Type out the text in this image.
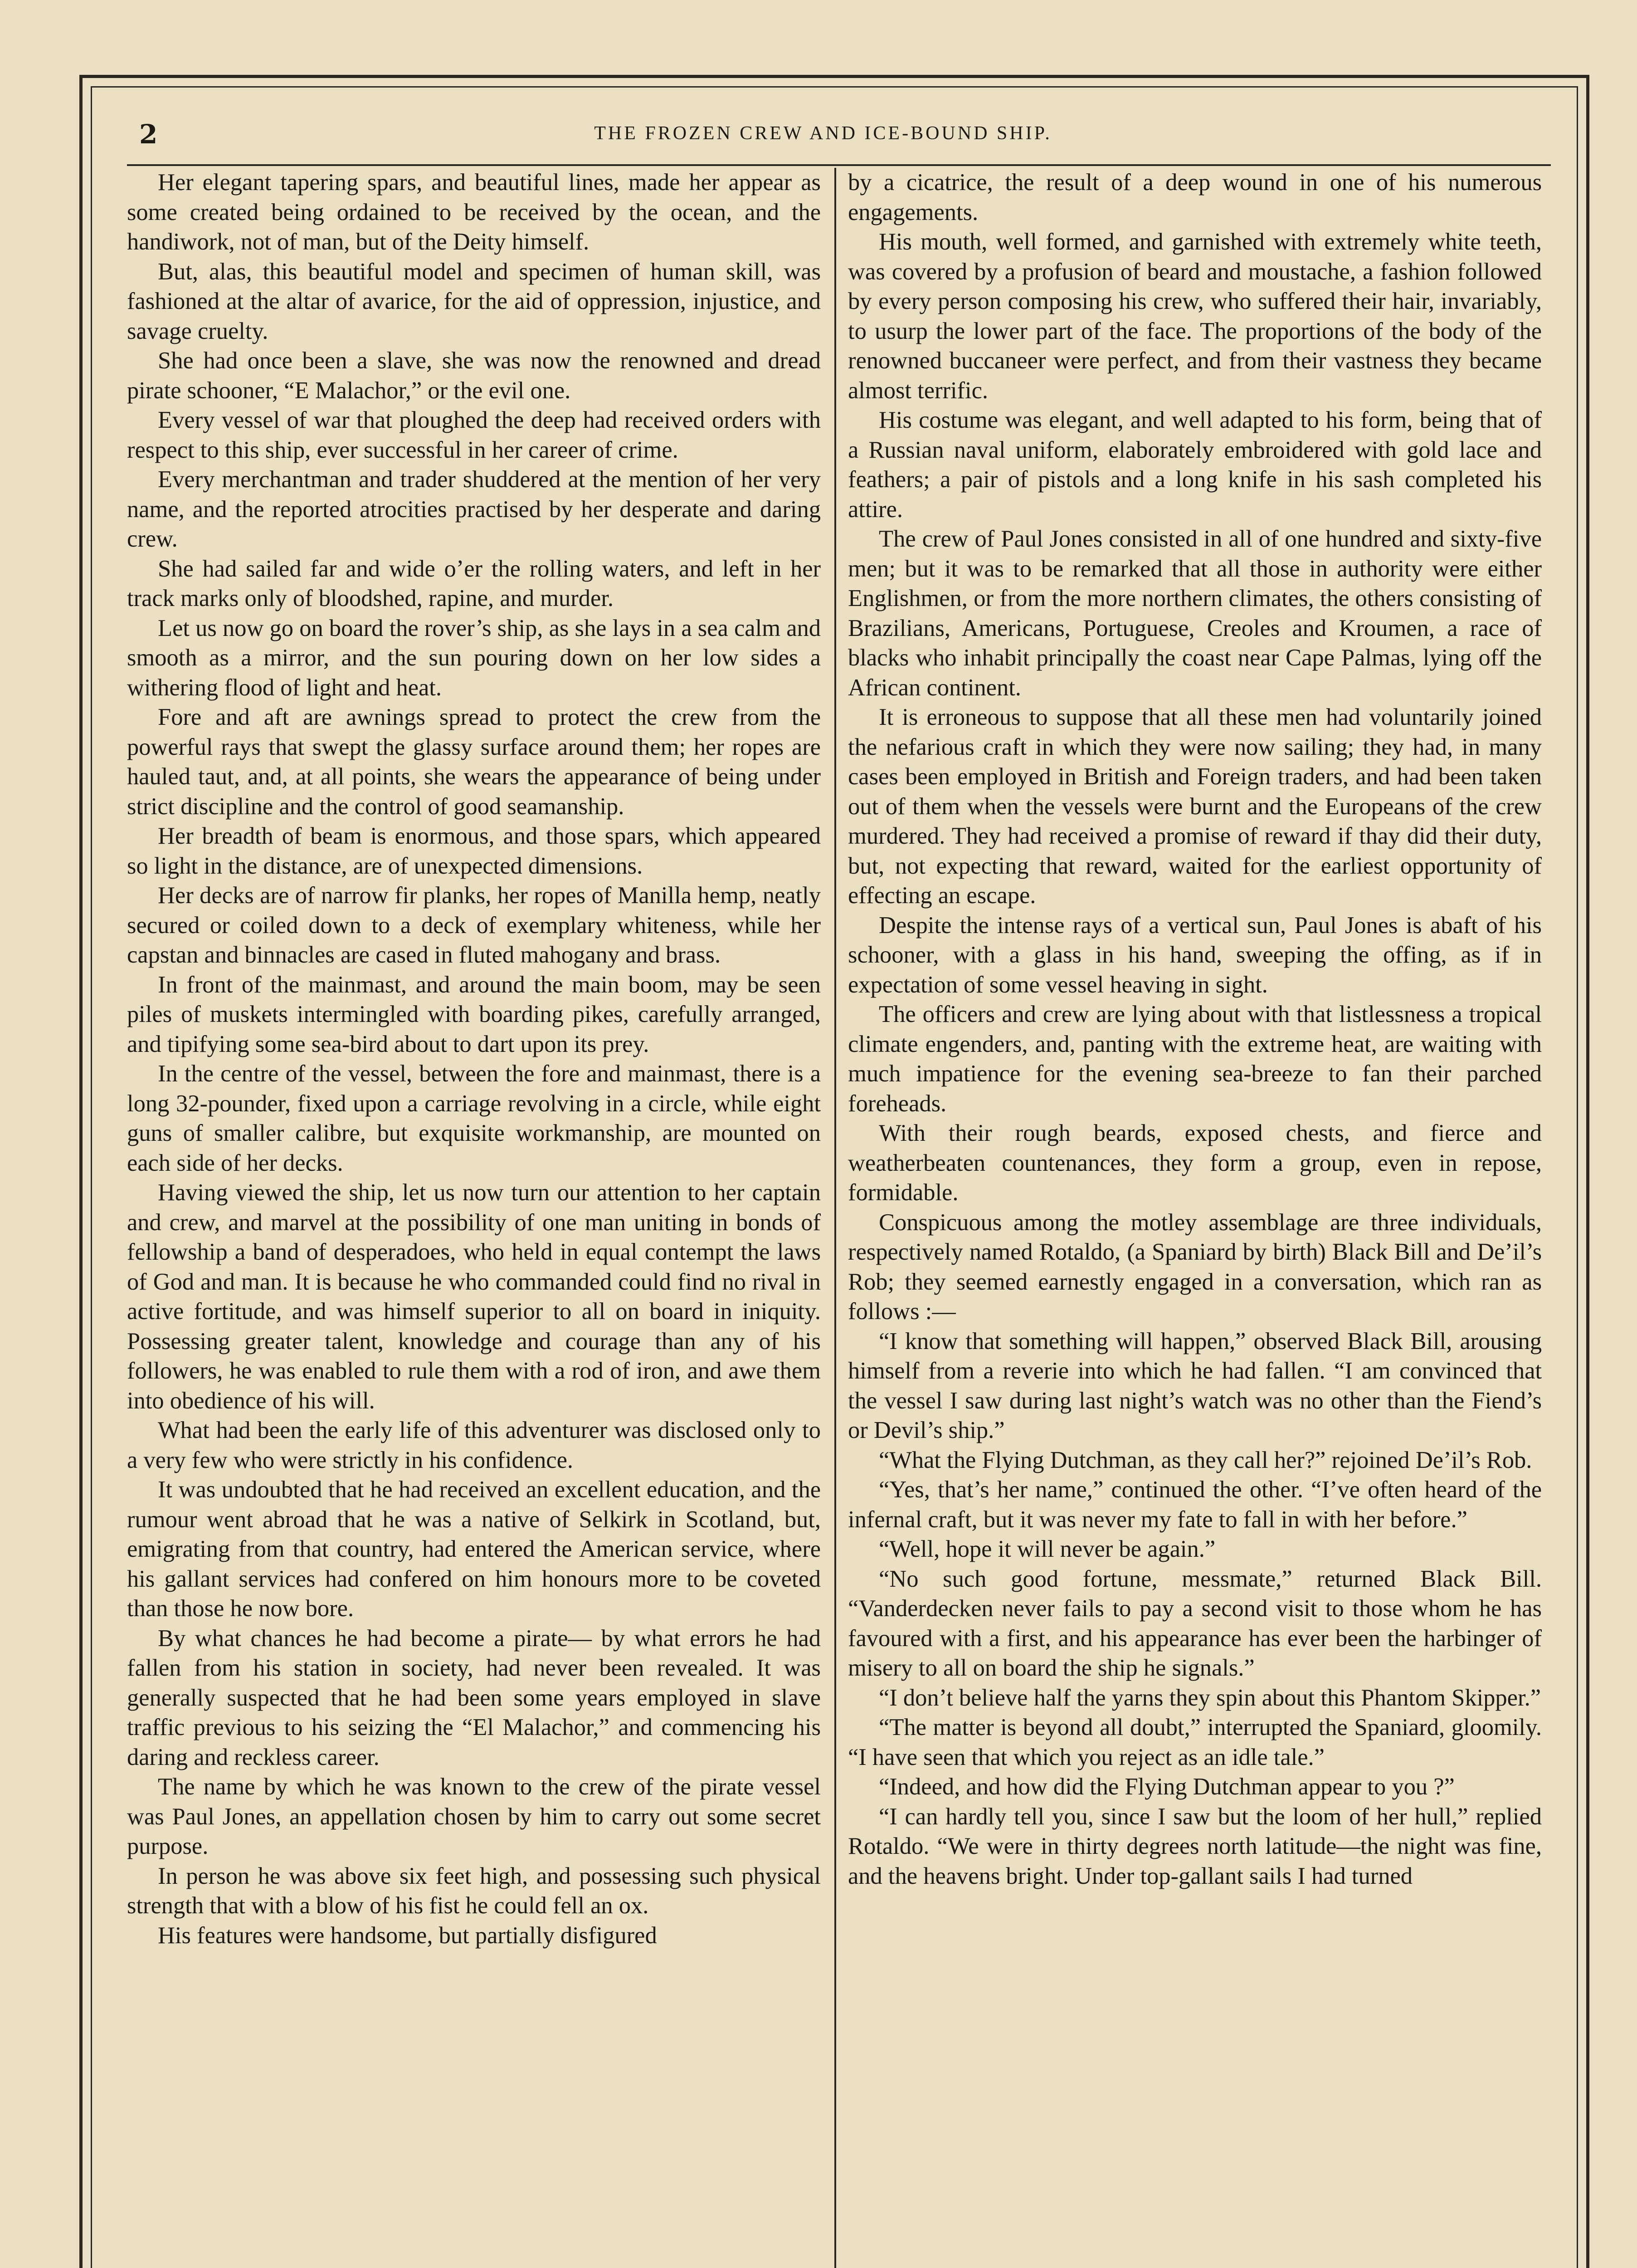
2	THE FROZEN CREW AND ICE-BOUND SHIP.

Her elegant tapering spars, and beautiful lines, made her appear as some created being ordained to be received by the ocean, and the handiwork, not of man, but of the Deity himself.

But, alas, this beautiful model and specimen of human skill, was fashioned at the altar of avarice, for the aid of oppression, injustice, and savage cruelty.

She had once been a slave, she was now the renowned and dread pirate schooner, “E Malachor,” or the evil one.

Every vessel of war that ploughed the deep had received orders with respect to this ship, ever successful in her career of crime.

Every merchantman and trader shuddered at the mention of her very name, and the reported atrocities practised by her desperate and daring crew.

She had sailed far and wide o’er the rolling waters, and left in her track marks only of bloodshed, rapine, and murder.

Let us now go on board the rover’s ship, as she lays in a sea calm and smooth as a mirror, and the sun pouring down on her low sides a withering flood of light and heat.

Fore and aft are awnings spread to protect the crew from the powerful rays that swept the glassy surface around them; her ropes are hauled taut, and, at all points, she wears the appearance of being under strict discipline and the control of good seamanship.

Her breadth of beam is enormous, and those spars, which appeared so light in the distance, are of unexpected dimensions.

Her decks are of narrow fir planks, her ropes of Manilla hemp, neatly secured or coiled down to a deck of exemplary whiteness, while her capstan and binnacles are cased in fluted mahogany and brass.

In front of the mainmast, and around the main boom, may be seen piles of muskets intermingled with boarding pikes, carefully arranged, and tipifying some sea-bird about to dart upon its prey.

In the centre of the vessel, between the fore and mainmast, there is a long 32-pounder, fixed upon a carriage revolving in a circle, while eight guns of smaller calibre, but exquisite workmanship, are mounted on each side of her decks.

Having viewed the ship, let us now turn our attention to her captain and crew, and marvel at the possibility of one man uniting in bonds of fellowship a band of desperadoes, who held in equal contempt the laws of God and man. It is because he who commanded could find no rival in active fortitude, and was himself superior to all on board in iniquity. Possessing greater talent, knowledge and courage than any of his followers, he was enabled to rule them with a rod of iron, and awe them into obedience of his will.

What had been the early life of this adventurer was disclosed only to a very few who were strictly in his confidence.

It was undoubted that he had received an excellent education, and the rumour went abroad that he was a native of Selkirk in Scotland, but, emigrating from that country, had entered the American service, where his gallant services had confered on him honours more to be coveted than those he now bore.

By what chances he had become a pirate— by what errors he had fallen from his station in society, had never been revealed. It was generally suspected that he had been some years employed in slave traffic previous to his seizing the “El Malachor,” and commencing his daring and reckless career.

The name by which he was known to the crew of the pirate vessel was Paul Jones, an appellation chosen by him to carry out some secret purpose.

In person he was above six feet high, and possessing such physical strength that with a blow of his fist he could fell an ox.

His features were handsome, but partially disfigured

by a cicatrice, the result of a deep wound in one of his numerous engagements.

His mouth, well formed, and garnished with extremely white teeth, was covered by a profusion of beard and moustache, a fashion followed by every person composing his crew, who suffered their hair, invariably, to usurp the lower part of the face. The proportions of the body of the renowned buccaneer were perfect, and from their vastness they became almost terrific.

His costume was elegant, and well adapted to his form, being that of a Russian naval uniform, elaborately embroidered with gold lace and feathers; a pair of pistols and a long knife in his sash completed his attire.

The crew of Paul Jones consisted in all of one hundred and sixty-five men; but it was to be remarked that all those in authority were either Englishmen, or from the more northern climates, the others consisting of Brazilians, Americans, Portuguese, Creoles and Kroumen, a race of blacks who inhabit principally the coast near Cape Palmas, lying off the African continent.

It is erroneous to suppose that all these men had voluntarily joined the nefarious craft in which they were now sailing; they had, in many cases been employed in British and Foreign traders, and had been taken out of them when the vessels were burnt and the Europeans of the crew murdered. They had received a promise of reward if thay did their duty, but, not expecting that reward, waited for the earliest opportunity of effecting an escape.

Despite the intense rays of a vertical sun, Paul Jones is abaft of his schooner, with a glass in his hand, sweeping the offing, as if in expectation of some vessel heaving in sight.

The officers and crew are lying about with that listlessness a tropical climate engenders, and, panting with the extreme heat, are waiting with much impatience for the evening sea-breeze to fan their parched foreheads.

With their rough beards, exposed chests, and fierce and weatherbeaten countenances, they form a group, even in repose, formidable.

Conspicuous among the motley assemblage are three individuals, respectively named Rotaldo, (a Spaniard by birth) Black Bill and De’il’s Rob; they seemed earnestly engaged in a conversation, which ran as follows :—

“I know that something will happen,” observed Black Bill, arousing himself from a reverie into which he had fallen. “I am convinced that the vessel I saw during last night’s watch was no other than the Fiend’s or Devil’s ship.”

“What the Flying Dutchman, as they call her?” rejoined De’il’s Rob.

“Yes, that’s her name,” continued the other. “I’ve often heard of the infernal craft, but it was never my fate to fall in with her before.”

“Well, hope it will never be again.”

“No such good fortune, messmate,” returned Black Bill. “Vanderdecken never fails to pay a second visit to those whom he has favoured with a first, and his appearance has ever been the harbinger of misery to all on board the ship he signals.”

“I don’t believe half the yarns they spin about this Phantom Skipper.”

“The matter is beyond all doubt,” interrupted the Spaniard, gloomily. “I have seen that which you reject as an idle tale.”

“Indeed, and how did the Flying Dutchman appear to you ?”

“I can hardly tell you, since I saw but the loom of her hull,” replied Rotaldo. “We were in thirty degrees north latitude—the night was fine, and the heavens bright. Under top-gallant sails I had turned
